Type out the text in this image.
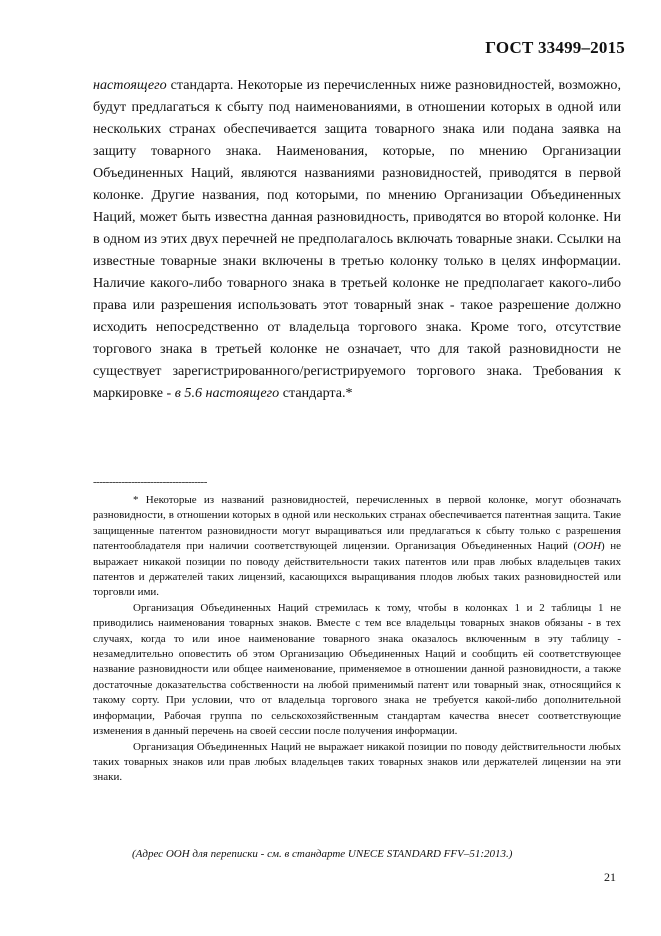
ГОСТ 33499–2015

настоящего стандарта. Некоторые из перечисленных ниже разновидностей, возможно, будут предлагаться к сбыту под наименованиями, в отношении которых в одной или нескольких странах обеспечивается защита товарного знака или подана заявка на защиту товарного знака. Наименования, которые, по мнению Организации Объединенных Наций, являются названиями разновидностей, приводятся в первой колонке. Другие названия, под которыми, по мнению Организации Объединенных Наций, может быть известна данная разновидность, приводятся во второй колонке. Ни в одном из этих двух перечней не предполагалось включать товарные знаки. Ссылки на известные товарные знаки включены в третью колонку только в целях информации. Наличие какого-либо товарного знака в третьей колонке не предполагает какого-либо права или разрешения использовать этот товарный знак - такое разрешение должно исходить непосредственно от владельца торгового знака. Кроме того, отсутствие торгового знака в третьей колонке не означает, что для такой разновидности не существует зарегистрированного/регистрируемого торгового знака. Требования к маркировке - в 5.6 настоящего стандарта.*

------------------------------------

* Некоторые из названий разновидностей, перечисленных в первой колонке, могут обозначать разновидности, в отношении которых в одной или нескольких странах обеспечивается патентная защита. Такие защищенные патентом разновидности могут выращиваться или предлагаться к сбыту только с разрешения патентообладателя при наличии соответствующей лицензии. Организация Объединенных Наций (ООН) не выражает никакой позиции по поводу действительности таких патентов или прав любых владельцев таких патентов и держателей таких лицензий, касающихся выращивания плодов любых таких разновидностей или торговли ими.

Организация Объединенных Наций стремилась к тому, чтобы в колонках 1 и 2 таблицы 1 не приводились наименования товарных знаков. Вместе с тем все владельцы товарных знаков обязаны - в тех случаях, когда то или иное наименование товарного знака оказалось включенным в эту таблицу - незамедлительно оповестить об этом Организацию Объединенных Наций и сообщить ей соответствующее название разновидности или общее наименование, применяемое в отношении данной разновидности, а также достаточные доказательства собственности на любой применимый патент или товарный знак, относящийся к такому сорту. При условии, что от владельца торгового знака не требуется какой-либо дополнительной информации, Рабочая группа по сельскохозяйственным стандартам качества внесет соответствующие изменения в данный перечень на своей сессии после получения информации.

Организация Объединенных Наций не выражает никакой позиции по поводу действительности любых таких товарных знаков или прав любых владельцев таких товарных знаков или держателей лицензии на эти знаки.

(Адрес ООН для переписки - см. в стандарте UNECE STANDARD FFV–51:2013.)
21
